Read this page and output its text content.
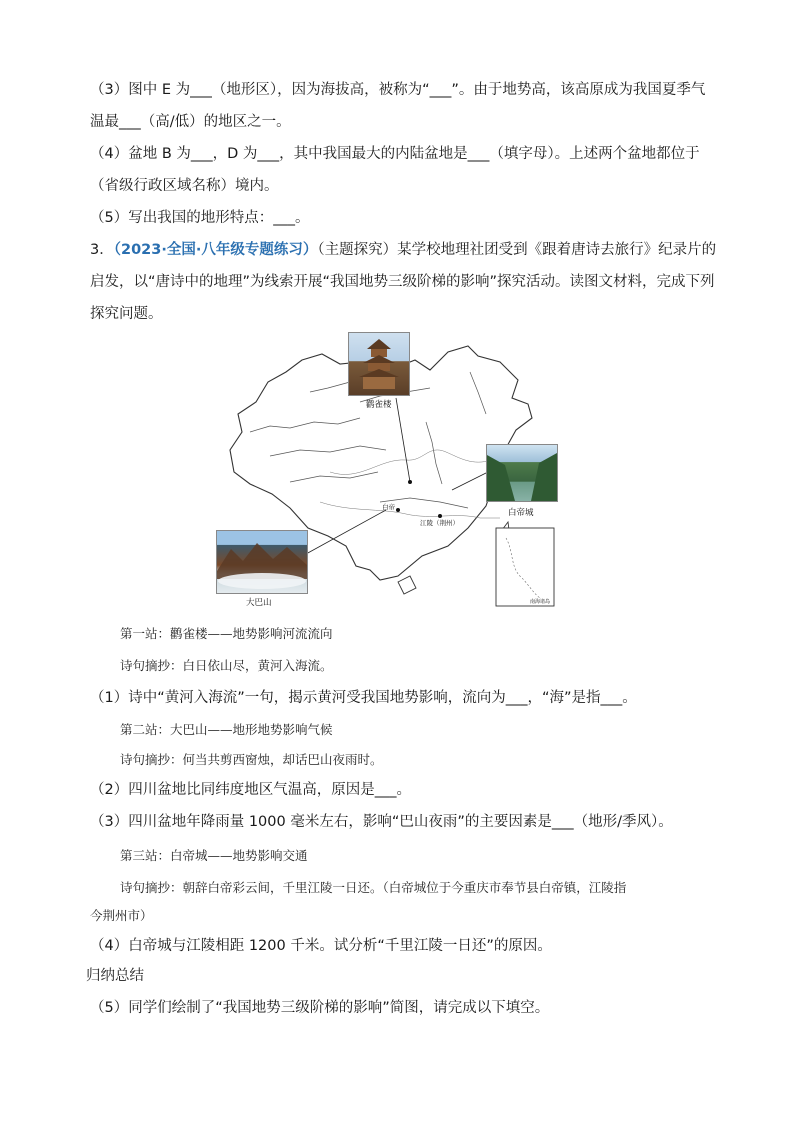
（3）图中 E 为___（地形区），因为海拔高，被称为“___”。由于地势高，该高原成为我国夏季气
温最___（高/低）的地区之一。
（4）盆地 B 为___，D 为___，其中我国最大的内陆盆地是___（填字母）。上述两个盆地都位于
（省级行政区域名称）境内。
（5）写出我国的地形特点：___。
3．（2023·全国·八年级专题练习）（主题探究）某学校地理社团受到《跟着唐诗去旅行》纪录片的
启发，以“唐诗中的地理”为线索开展“我国地势三级阶梯的影响”探究活动。读图文材料，完成下列
探究问题。
鹳雀楼
白帝城
大巴山
白帝
江陵（荆州）
南海诸岛
第一站：鹳雀楼——地势影响河流流向
诗句摘抄：白日依山尽，黄河入海流。
（1）诗中“黄河入海流”一句，揭示黄河受我国地势影响，流向为___，“海”是指___。
第二站：大巴山——地形地势影响气候
诗句摘抄：何当共剪西窗烛，却话巴山夜雨时。
（2）四川盆地比同纬度地区气温高，原因是___。
（3）四川盆地年降雨量 1000 毫米左右，影响“巴山夜雨”的主要因素是___（地形/季风）。
第三站：白帝城——地势影响交通
诗句摘抄：朝辞白帝彩云间，千里江陵一日还。（白帝城位于今重庆市奉节县白帝镇，江陵指
今荆州市）
（4）白帝城与江陵相距 1200 千米。试分析“千里江陵一日还”的原因。
归纳总结
（5）同学们绘制了“我国地势三级阶梯的影响”简图，请完成以下填空。
